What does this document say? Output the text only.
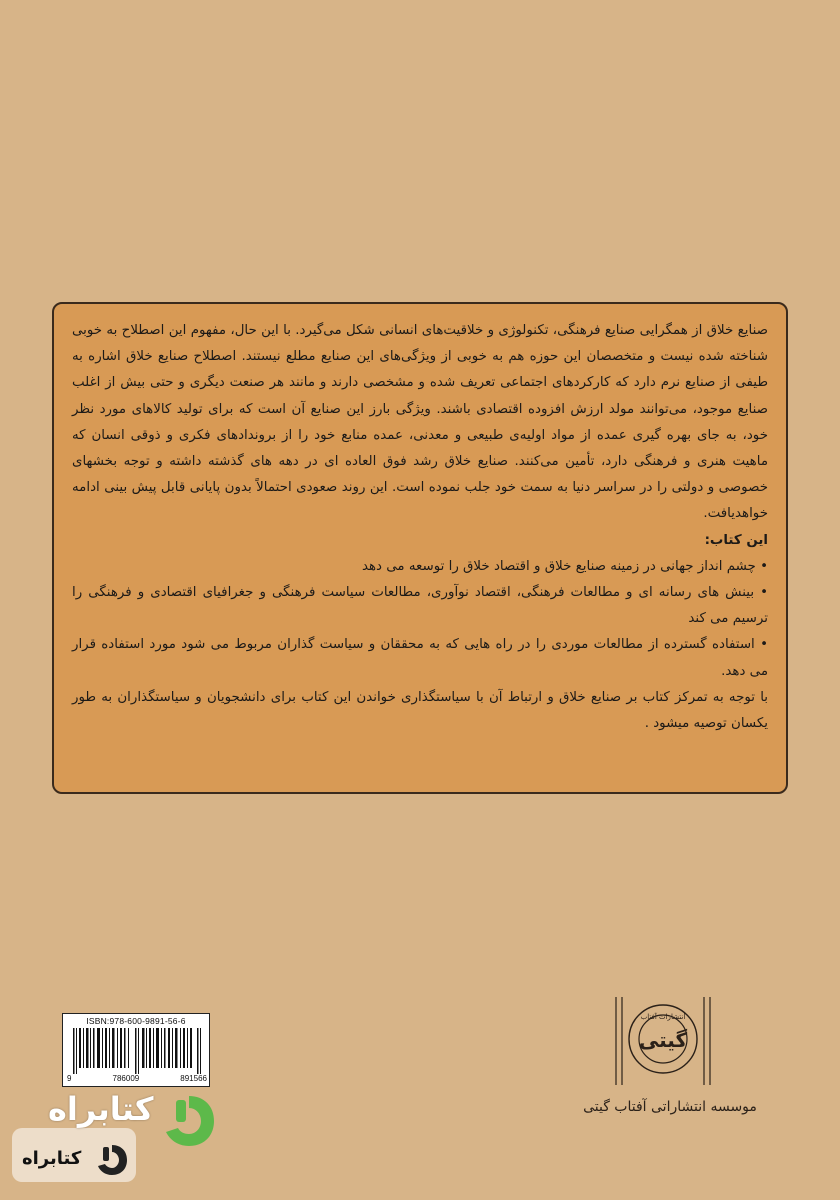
صنایع خلاق از همگرایی صنایع فرهنگی، تکنولوژی و خلاقیت‌های انسانی شکل می‌گیرد. با این حال، مفهوم این اصطلاح به خوبی شناخته شده نیست و متخصصان این حوزه هم به خوبی از ویژگی‌های این صنایع مطلع نیستند. اصطلاح صنایع خلاق اشاره به طیفی از صنایع نرم دارد که کارکردهای اجتماعی تعریف شده و مشخصی دارند و مانند هر صنعت دیگری و حتی بیش از اغلب صنایع موجود، می‌توانند مولد ارزش افزوده اقتصادی باشند. ویژگی بارز این صنایع آن است که برای تولید کالاهای مورد نظر خود، به جای بهره گیری عمده از مواد اولیه‌ی طبیعی و معدنی، عمده منابع خود را از بروندادهای فکری و ذوقی انسان که ماهیت هنری و فرهنگی دارد، تأمین می‌کنند. صنایع خلاق رشد فوق العاده ای در دهه های گذشته داشته و توجه بخشهای خصوصی و دولتی را در سراسر دنیا به سمت خود جلب نموده است. این روند صعودی احتمالاً بدون پایانی قابل پیش بینی ادامه خواهدیافت.

این کتاب:

• چشم انداز جهانی در زمینه صنایع خلاق و اقتصاد خلاق را توسعه می دهد

• بینش های رسانه ای و مطالعات فرهنگی، اقتصاد نوآوری، مطالعات سیاست فرهنگی و جغرافیای اقتصادی و فرهنگی را ترسیم می کند

• استفاده گسترده از مطالعات موردی را در راه هایی که به محققان و سیاست گذاران مربوط می شود مورد استفاده قرار می دهد.

با توجه به تمرکز کتاب بر صنایع خلاق و ارتباط آن با سیاستگذاری خواندن این کتاب برای دانشجویان و سیاستگذاران به طور یکسان توصیه میشود .

ISBN:978-600-9891-56-6
9	786009	891566
گیتی
انتشارات آفتاب
موسسه انتشاراتی آفتاب گیتی
کتابراه
کتابراه
